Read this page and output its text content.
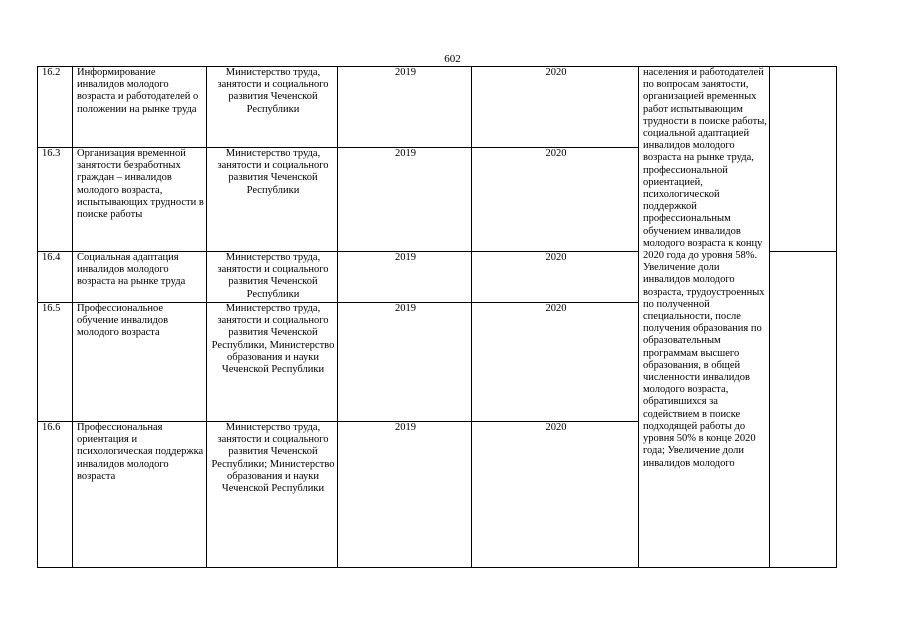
602
16.2	Информирование инвалидов молодого возраста и работодателей о положении на рынке труда	Министерство труда, занятости и социального развития Чеченской Республики	2019	2020	населения и работодателей по вопросам занятости, организацией временных работ испытывающим трудности в поиске работы, социальной адаптацией инвалидов молодого возраста на рынке труда, профессиональной ориентацией, психологической поддержкой профессиональным обучением инвалидов молодого возраста к концу 2020 года до уровня 58%. Увеличение доли инвалидов молодого возраста, трудоустроенных по полученной специальности, после получения образования по образовательным программам высшего образования, в общей численности инвалидов молодого возраста, обратившихся за содействием в поиске подходящей работы до уровня 50% в конце 2020 года; Увеличение доли инвалидов молодого	

16.3	Организация временной занятости безработных граждан – инвалидов молодого возраста, испытывающих трудности в поиске работы	Министерство труда, занятости и социального развития Чеченской Республики	2019	2020		
16.4	Социальная адаптация инвалидов молодого возраста на рынке труда	Министерство труда, занятости и социального развития Чеченской Республики	2019	2020		
16.5	Профессиональное обучение инвалидов молодого возраста	Министерство труда, занятости и социального развития Чеченской Республики, Министерство образования и науки Чеченской Республики	2019	2020		
16.6	Профессиональная ориентация и психологическая поддержка инвалидов молодого возраста	Министерство труда, занятости и социального развития Чеченской Республики; Министерство образования и науки Чеченской Республики	2019	2020		
